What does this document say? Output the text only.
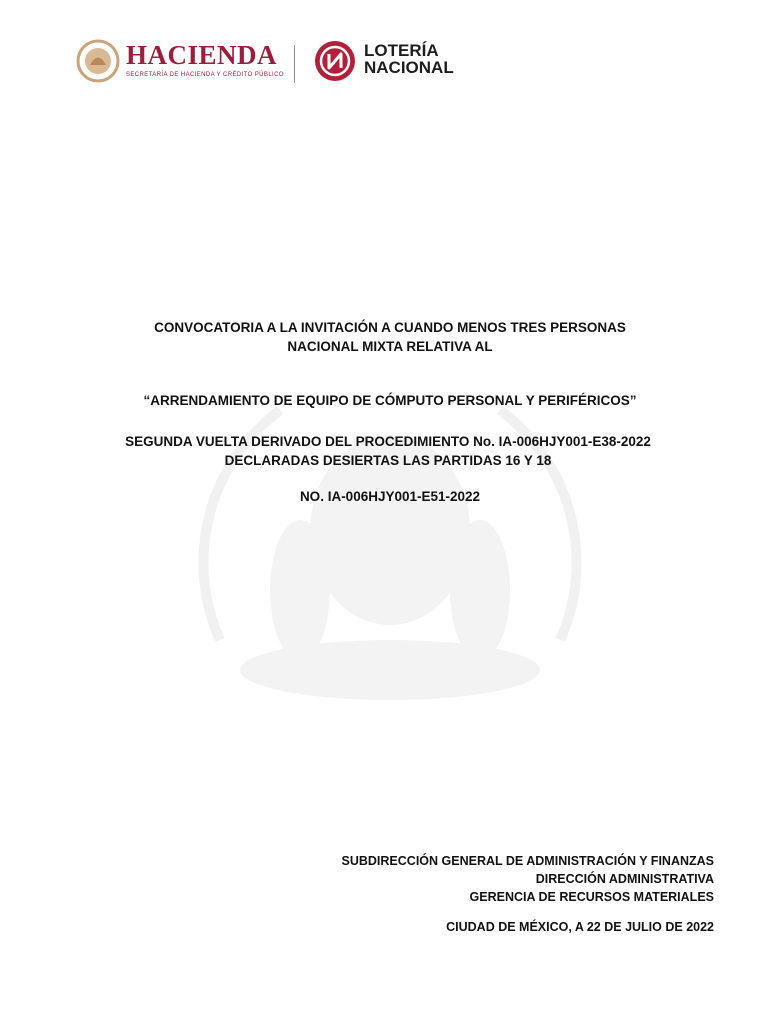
HACIENDA
SECRETARÍA DE HACIENDA Y CRÉDITO PÚBLICO
LOTERÍA
NACIONAL
CONVOCATORIA A LA INVITACIÓN A CUANDO MENOS TRES PERSONAS
NACIONAL MIXTA RELATIVA AL
“ARRENDAMIENTO DE EQUIPO DE CÓMPUTO PERSONAL Y PERIFÉRICOS”
SEGUNDA VUELTA DERIVADO DEL PROCEDIMIENTO No. IA-006HJY001-E38-2022
DECLARADAS DESIERTAS LAS PARTIDAS 16 Y 18
NO. IA-006HJY001-E51-2022
SUBDIRECCIÓN GENERAL DE ADMINISTRACIÓN Y FINANZAS
DIRECCIÓN ADMINISTRATIVA
GERENCIA DE RECURSOS MATERIALES
CIUDAD DE MÉXICO, A 22 DE JULIO DE 2022
